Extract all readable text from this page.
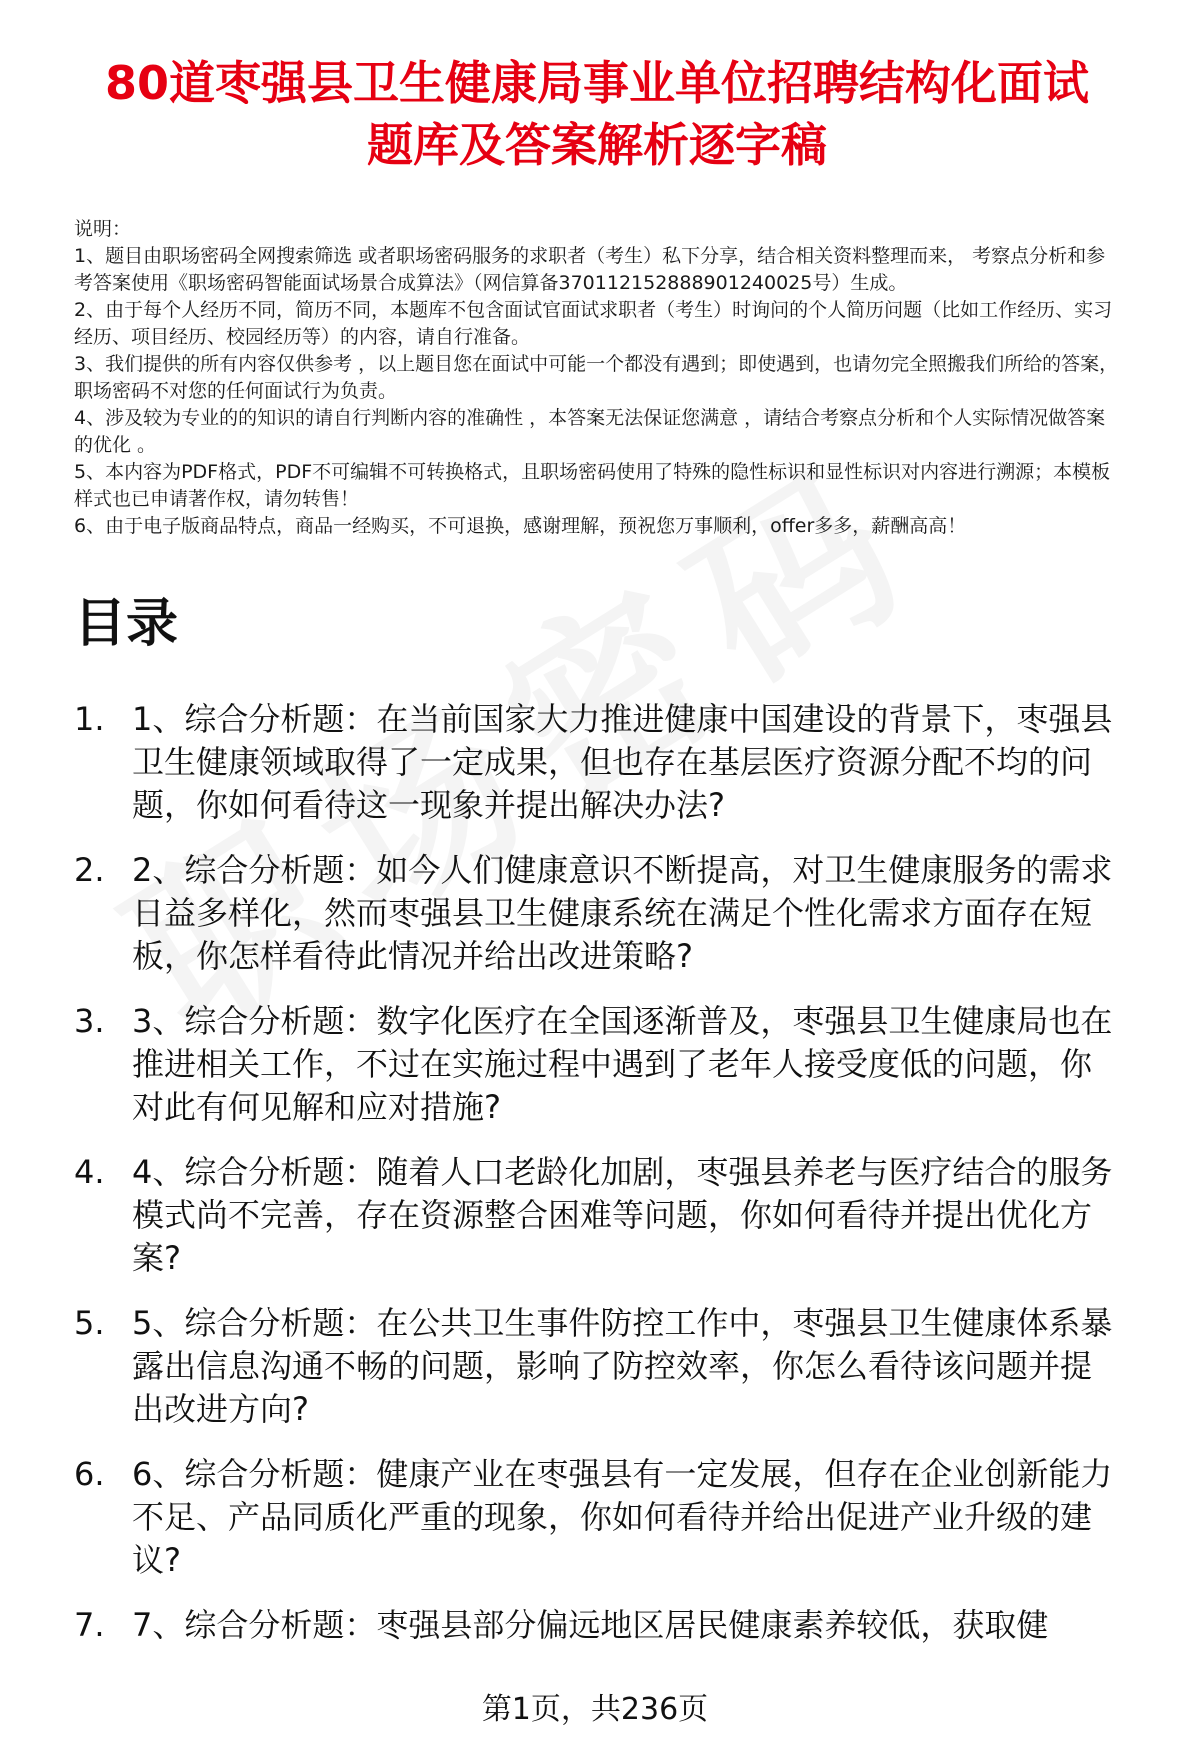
80道枣强县卫生健康局事业单位招聘结构化面试题库及答案解析逐字稿

说明：

1、题目由职场密码全网搜索筛选 或者职场密码服务的求职者（考生）私下分享，结合相关资料整理而来， 考察点分析和参考答案使用《职场密码智能面试场景合成算法》（网信算备370112152888901240025号）生成。

2、由于每个人经历不同，简历不同，本题库不包含面试官面试求职者（考生）时询问的个人简历问题（比如工作经历、实习经历、项目经历、校园经历等）的内容，请自行准备。

3、我们提供的所有内容仅供参考 ，以上题目您在面试中可能一个都没有遇到；即使遇到，也请勿完全照搬我们所给的答案，职场密码不对您的任何面试行为负责。

4、涉及较为专业的的知识的请自行判断内容的准确性 ，本答案无法保证您满意 ，请结合考察点分析和个人实际情况做答案的优化 。

5、本内容为PDF格式，PDF不可编辑不可转换格式，且职场密码使用了特殊的隐性标识和显性标识对内容进行溯源；本模板样式也已申请著作权，请勿转售！

6、由于电子版商品特点，商品一经购买，不可退换，感谢理解，预祝您万事顺利，offer多多，薪酬高高！

目录
1. 1、综合分析题：在当前国家大力推进健康中国建设的背景下，枣强县卫生健康领域取得了一定成果，但也存在基层医疗资源分配不均的问题，你如何看待这一现象并提出解决办法?
2. 2、综合分析题：如今人们健康意识不断提高，对卫生健康服务的需求日益多样化，然而枣强县卫生健康系统在满足个性化需求方面存在短板，你怎样看待此情况并给出改进策略?
3. 3、综合分析题：数字化医疗在全国逐渐普及，枣强县卫生健康局也在推进相关工作，不过在实施过程中遇到了老年人接受度低的问题，你对此有何见解和应对措施?
4. 4、综合分析题：随着人口老龄化加剧，枣强县养老与医疗结合的服务模式尚不完善，存在资源整合困难等问题，你如何看待并提出优化方案?
5. 5、综合分析题：在公共卫生事件防控工作中，枣强县卫生健康体系暴露出信息沟通不畅的问题，影响了防控效率，你怎么看待该问题并提出改进方向?
6. 6、综合分析题：健康产业在枣强县有一定发展，但存在企业创新能力不足、产品同质化严重的现象，你如何看待并给出促进产业升级的建议?
7. 7、综合分析题：枣强县部分偏远地区居民健康素养较低，获取健
第1页，共236页
